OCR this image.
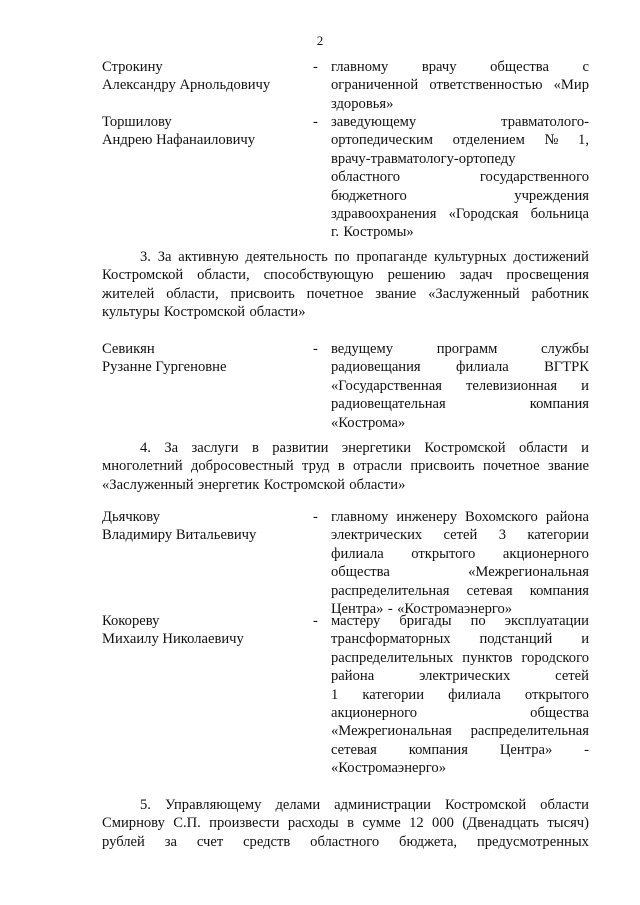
2
Строкину
Александру Арнольдовичу
- главному врачу общества с
ограниченной ответственностью «Мир
здоровья»
Торшилову
Андрею Нафанаиловичу
- заведующему	травматолого-
ортопедическим отделением № 1,
врачу-травматологу-ортопеду
областного	государственного
бюджетного	учреждения
здравоохранения «Городская больница
г. Костромы»
3. За активную деятельность по пропаганде культурных достижений
Костромской области, способствующую решению задач просвещения
жителей области, присвоить почетное звание «Заслуженный работник
культуры Костромской области»
Севикян
Рузанне Гургеновне
- ведущему	программ	службы
радиовещания филиала ВГТРК
«Государственная телевизионная и
радиовещательная	компания
«Кострома»
4. За заслуги в развитии энергетики Костромской области и
многолетний добросовестный труд в отрасли присвоить почетное звание
«Заслуженный энергетик Костромской области»
Дьячкову
Владимиру Витальевичу
- главному инженеру Вохомского района
электрических сетей 3 категории
филиала открытого акционерного
общества	«Межрегиональная
распределительная сетевая компания
Центра» - «Костромаэнерго»
Кокореву
Михаилу Николаевичу
- мастеру бригады по эксплуатации
трансформаторных подстанций и
распределительных пунктов городского
района	электрических	сетей
1 категории филиала открытого
акционерного	общества
«Межрегиональная распределительная
сетевая компания Центра» -
«Костромаэнерго»
5. Управляющему делами администрации Костромской области
Смирнову С.П. произвести расходы в сумме 12 000 (Двенадцать тысяч)
рублей за счет средств областного бюджета, предусмотренных
